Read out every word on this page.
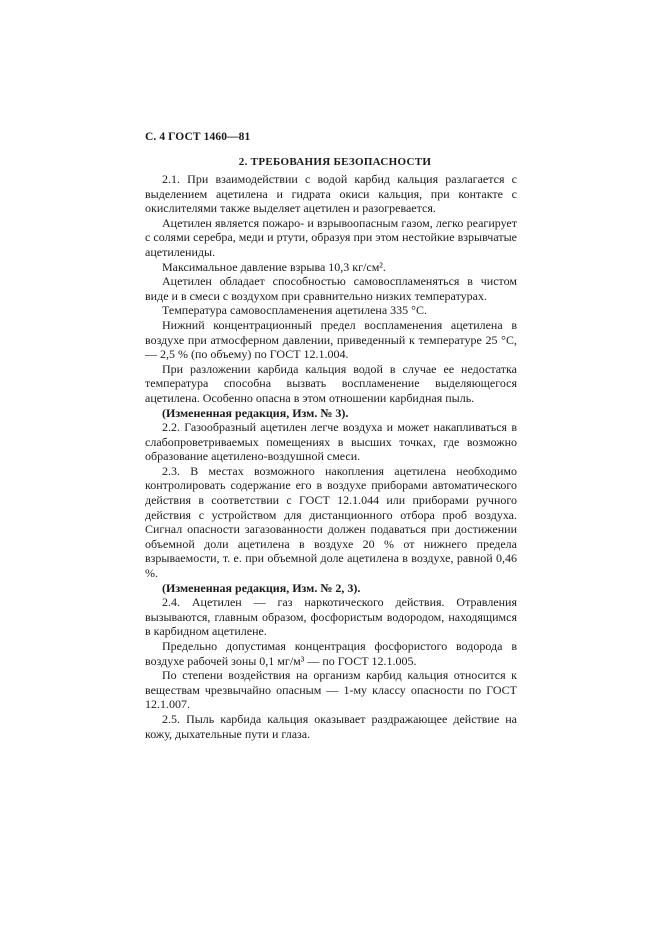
С. 4 ГОСТ 1460—81
2. ТРЕБОВАНИЯ БЕЗОПАСНОСТИ

2.1. При взаимодействии с водой карбид кальция разлагается с выделением ацетилена и гидрата окиси кальция, при контакте с окислителями также выделяет ацетилен и разогревается.

Ацетилен является пожаро- и взрывоопасным газом, легко реагирует с солями серебра, меди и ртути, образуя при этом нестойкие взрывчатые ацетилениды.

Максимальное давление взрыва 10,3 кг/см².

Ацетилен обладает способностью самовоспламеняться в чистом виде и в смеси с воздухом при сравнительно низких температурах.

Температура самовоспламенения ацетилена 335 °С.

Нижний концентрационный предел воспламенения ацетилена в воздухе при атмосферном давлении, приведенный к температуре 25 °С, — 2,5 % (по объему) по ГОСТ 12.1.004.

При разложении карбида кальция водой в случае ее недостатка температура способна вызвать воспламенение выделяющегося ацетилена. Особенно опасна в этом отношении карбидная пыль.

(Измененная редакция, Изм. № 3).

2.2. Газообразный ацетилен легче воздуха и может накапливаться в слабопроветриваемых помещениях в высших точках, где возможно образование ацетилено-воздушной смеси.

2.3. В местах возможного накопления ацетилена необходимо контролировать содержание его в воздухе приборами автоматического действия в соответствии с ГОСТ 12.1.044 или приборами ручного действия с устройством для дистанционного отбора проб воздуха. Сигнал опасности загазованности должен подаваться при достижении объемной доли ацетилена в воздухе 20 % от нижнего предела взрываемости, т. е. при объемной доле ацетилена в воздухе, равной 0,46 %.

(Измененная редакция, Изм. № 2, 3).

2.4. Ацетилен — газ наркотического действия. Отравления вызываются, главным образом, фосфористым водородом, находящимся в карбидном ацетилене.

Предельно допустимая концентрация фосфористого водорода в воздухе рабочей зоны 0,1 мг/м³ — по ГОСТ 12.1.005.

По степени воздействия на организм карбид кальция относится к веществам чрезвычайно опасным — 1-му классу опасности по ГОСТ 12.1.007.

2.5. Пыль карбида кальция оказывает раздражающее действие на кожу, дыхательные пути и глаза.
